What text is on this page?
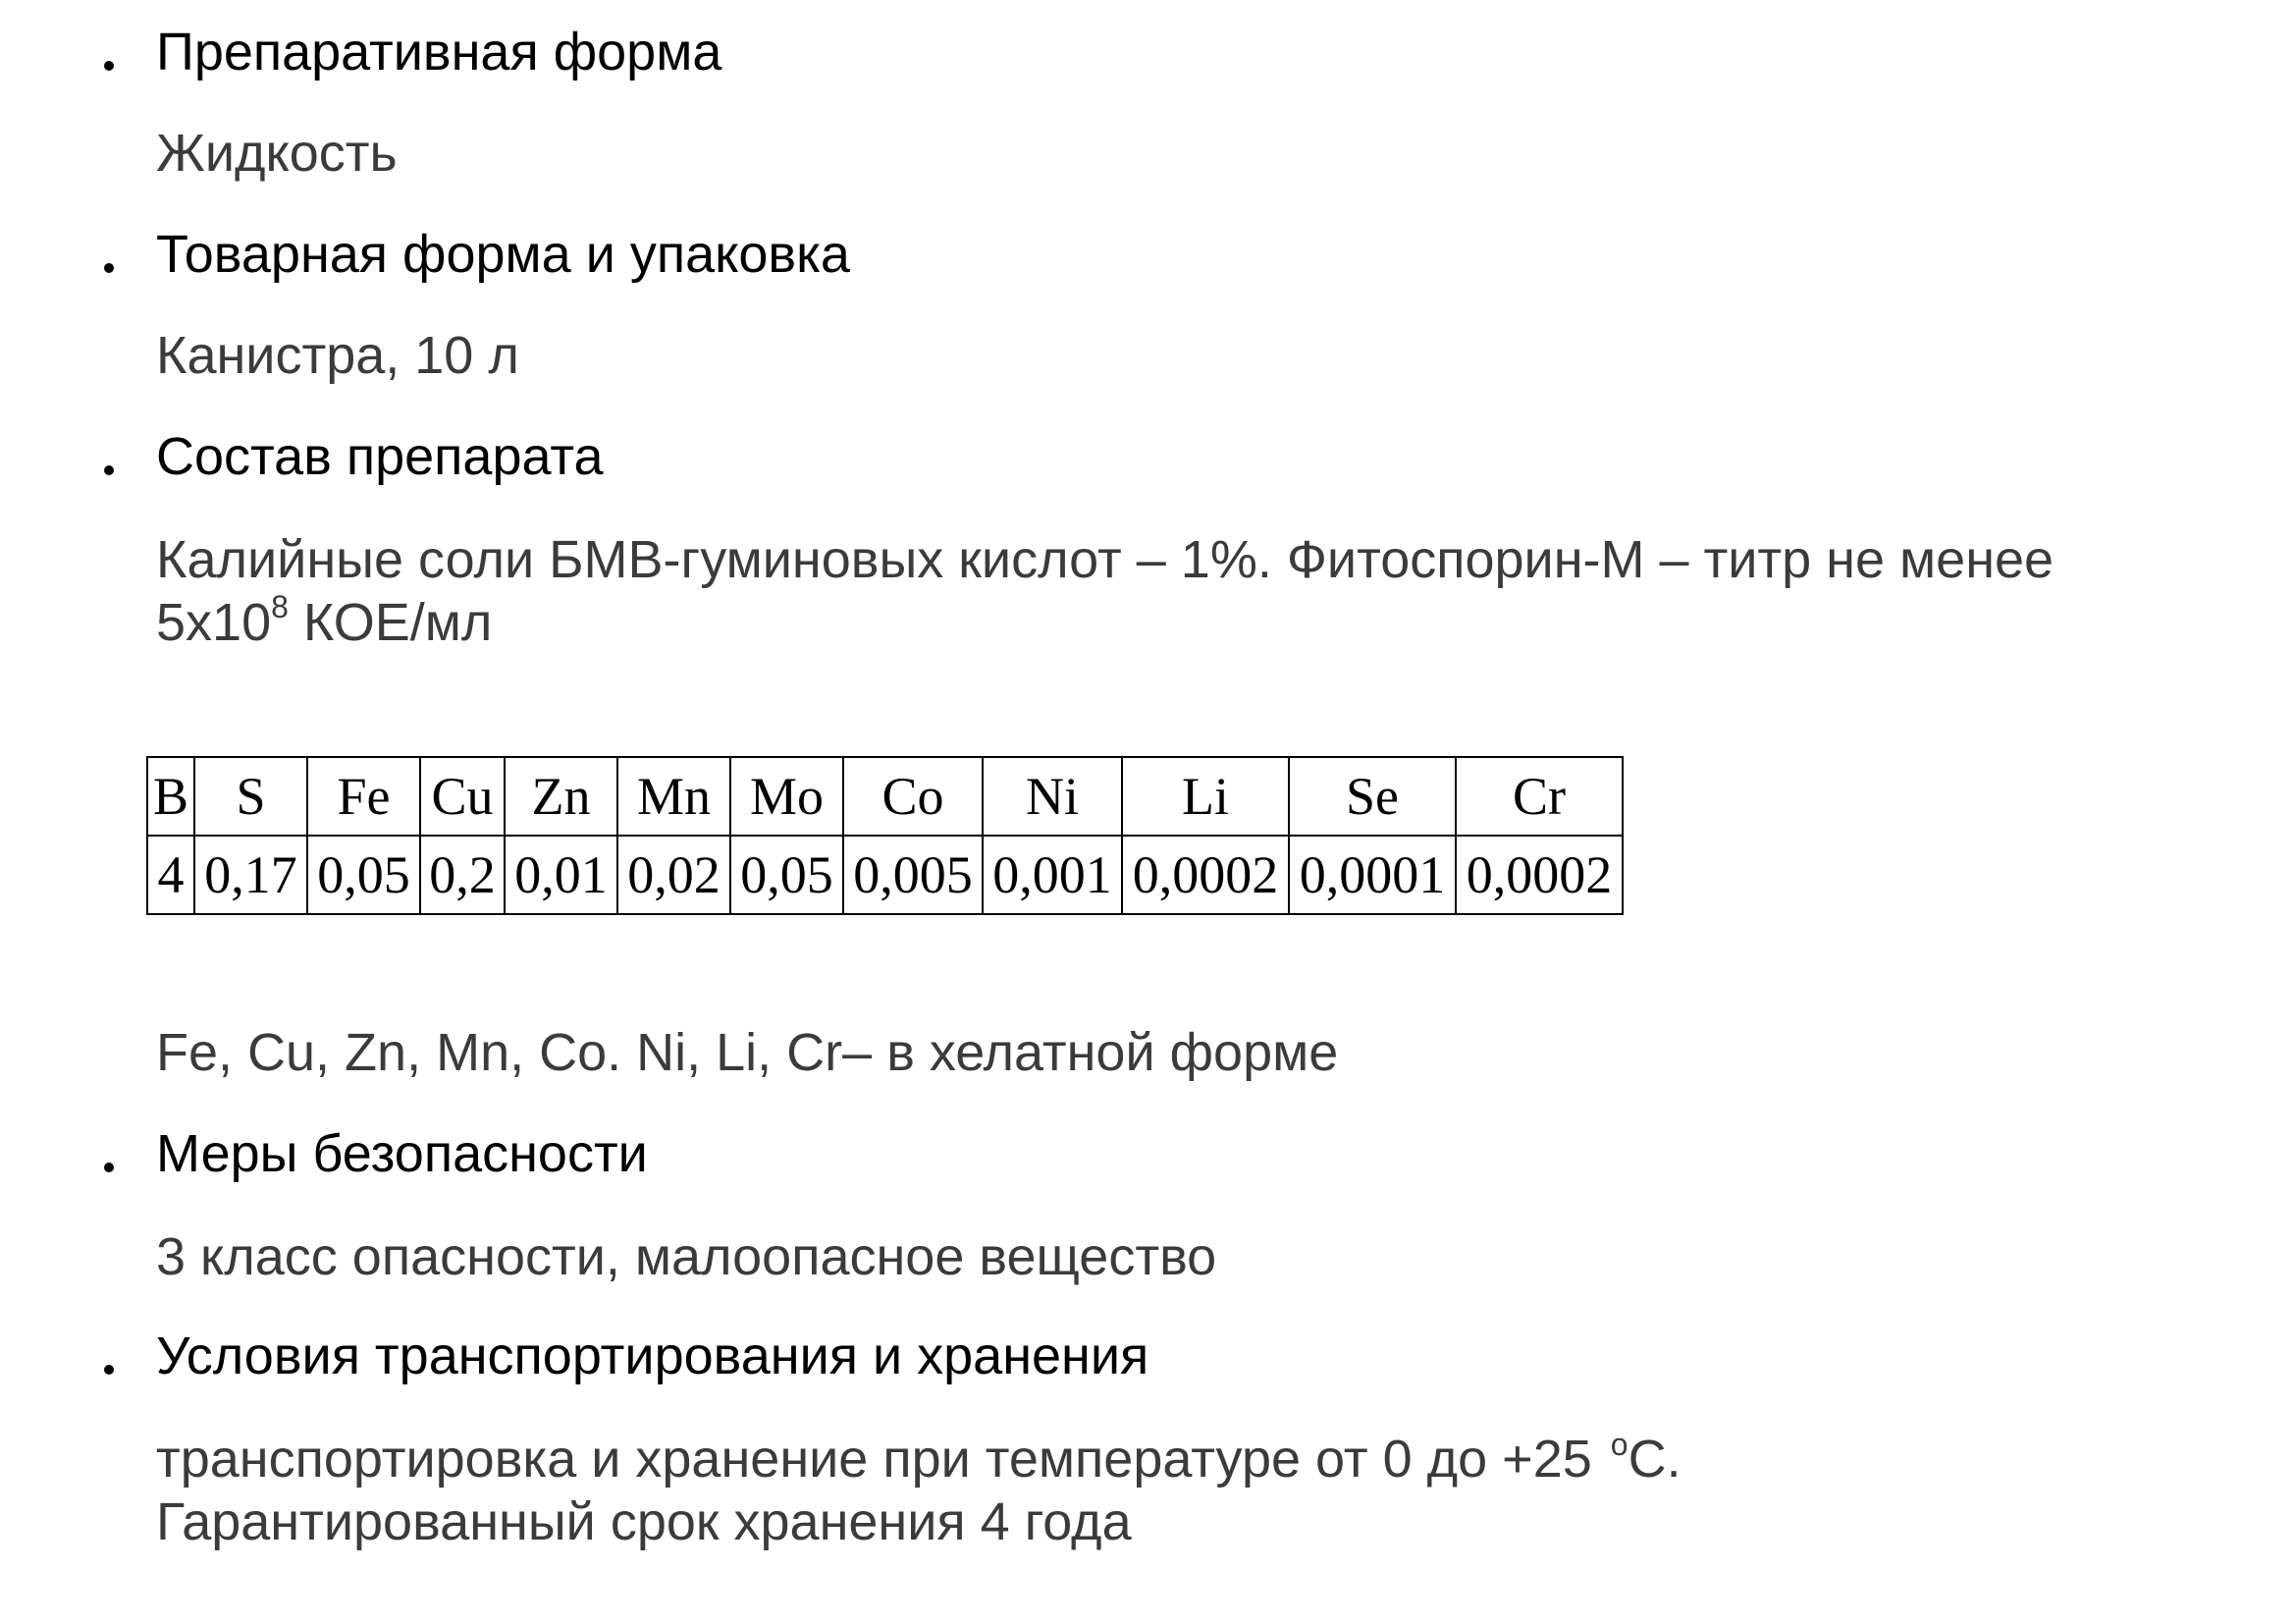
Препаративная форма
Жидкость
Товарная форма и упаковка
Канистра, 10 л
Состав препарата
Калийные соли БМВ-гуминовых кислот – 1%. Фитоспорин-М – титр не менее
$5х10^8$ КОЕ/мл
B	S	Fe	Cu	Zn	Mn	Mo	Co	Ni	Li	Se	Cr
4	0,17	0,05	0,2	0,01	0,02	0,05	0,005	0,001	0,0002	0,0001	0,0002
Fe, Cu, Zn, Mn, Co. Ni, Li, Cr– в хелатной форме
Меры безопасности
3 класс опасности, малоопасное вещество
Условия транспортирования и хранения
транспортировка и хранение при температуре от 0 до +25 $^o$С.
Гарантированный срок хранения 4 года
